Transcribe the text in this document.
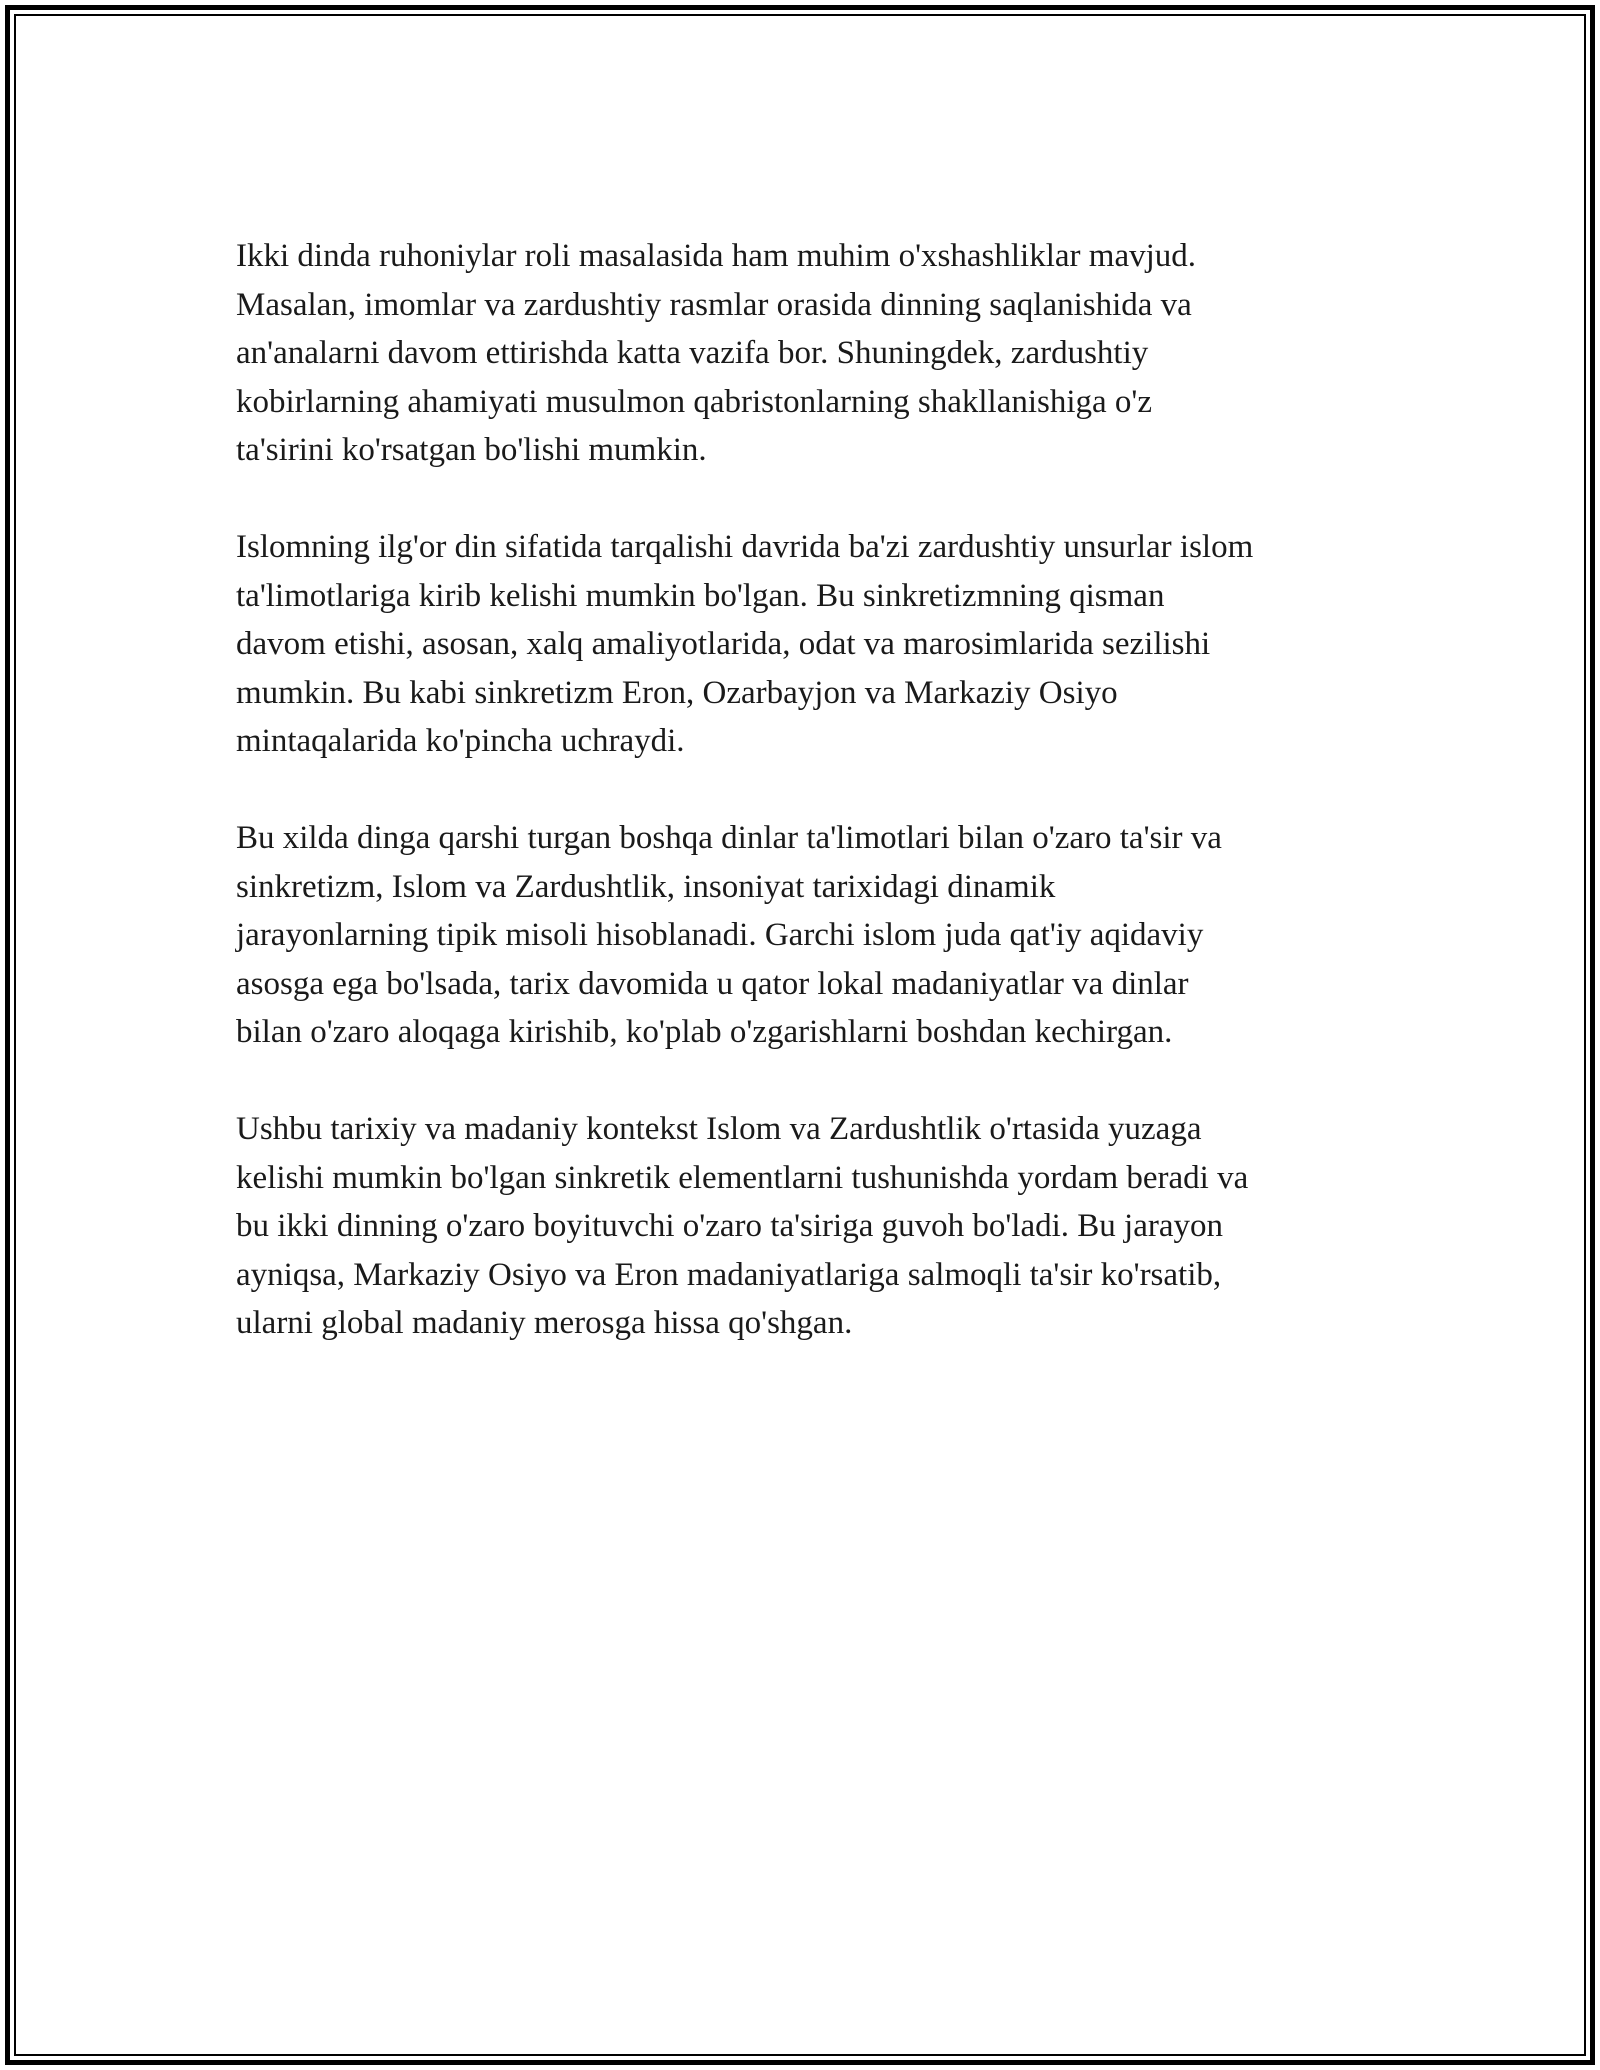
Ikki dinda ruhoniylar roli masalasida ham muhim o'xshashliklar mavjud.
Masalan, imomlar va zardushtiy rasmlar orasida dinning saqlanishida va
an'analarni davom ettirishda katta vazifa bor. Shuningdek, zardushtiy
kobirlarning ahamiyati musulmon qabristonlarning shakllanishiga o'z
ta'sirini ko'rsatgan bo'lishi mumkin.

Islomning ilg'or din sifatida tarqalishi davrida ba'zi zardushtiy unsurlar islom
ta'limotlariga kirib kelishi mumkin bo'lgan. Bu sinkretizmning qisman
davom etishi, asosan, xalq amaliyotlarida, odat va marosimlarida sezilishi
mumkin. Bu kabi sinkretizm Eron, Ozarbayjon va Markaziy Osiyo
mintaqalarida ko'pincha uchraydi.

Bu xilda dinga qarshi turgan boshqa dinlar ta'limotlari bilan o'zaro ta'sir va
sinkretizm, Islom va Zardushtlik, insoniyat tarixidagi dinamik
jarayonlarning tipik misoli hisoblanadi. Garchi islom juda qat'iy aqidaviy
asosga ega bo'lsada, tarix davomida u qator lokal madaniyatlar va dinlar
bilan o'zaro aloqaga kirishib, ko'plab o'zgarishlarni boshdan kechirgan.

Ushbu tarixiy va madaniy kontekst Islom va Zardushtlik o'rtasida yuzaga
kelishi mumkin bo'lgan sinkretik elementlarni tushunishda yordam beradi va
bu ikki dinning o'zaro boyituvchi o'zaro ta'siriga guvoh bo'ladi. Bu jarayon
ayniqsa, Markaziy Osiyo va Eron madaniyatlariga salmoqli ta'sir ko'rsatib,
ularni global madaniy merosga hissa qo'shgan.
